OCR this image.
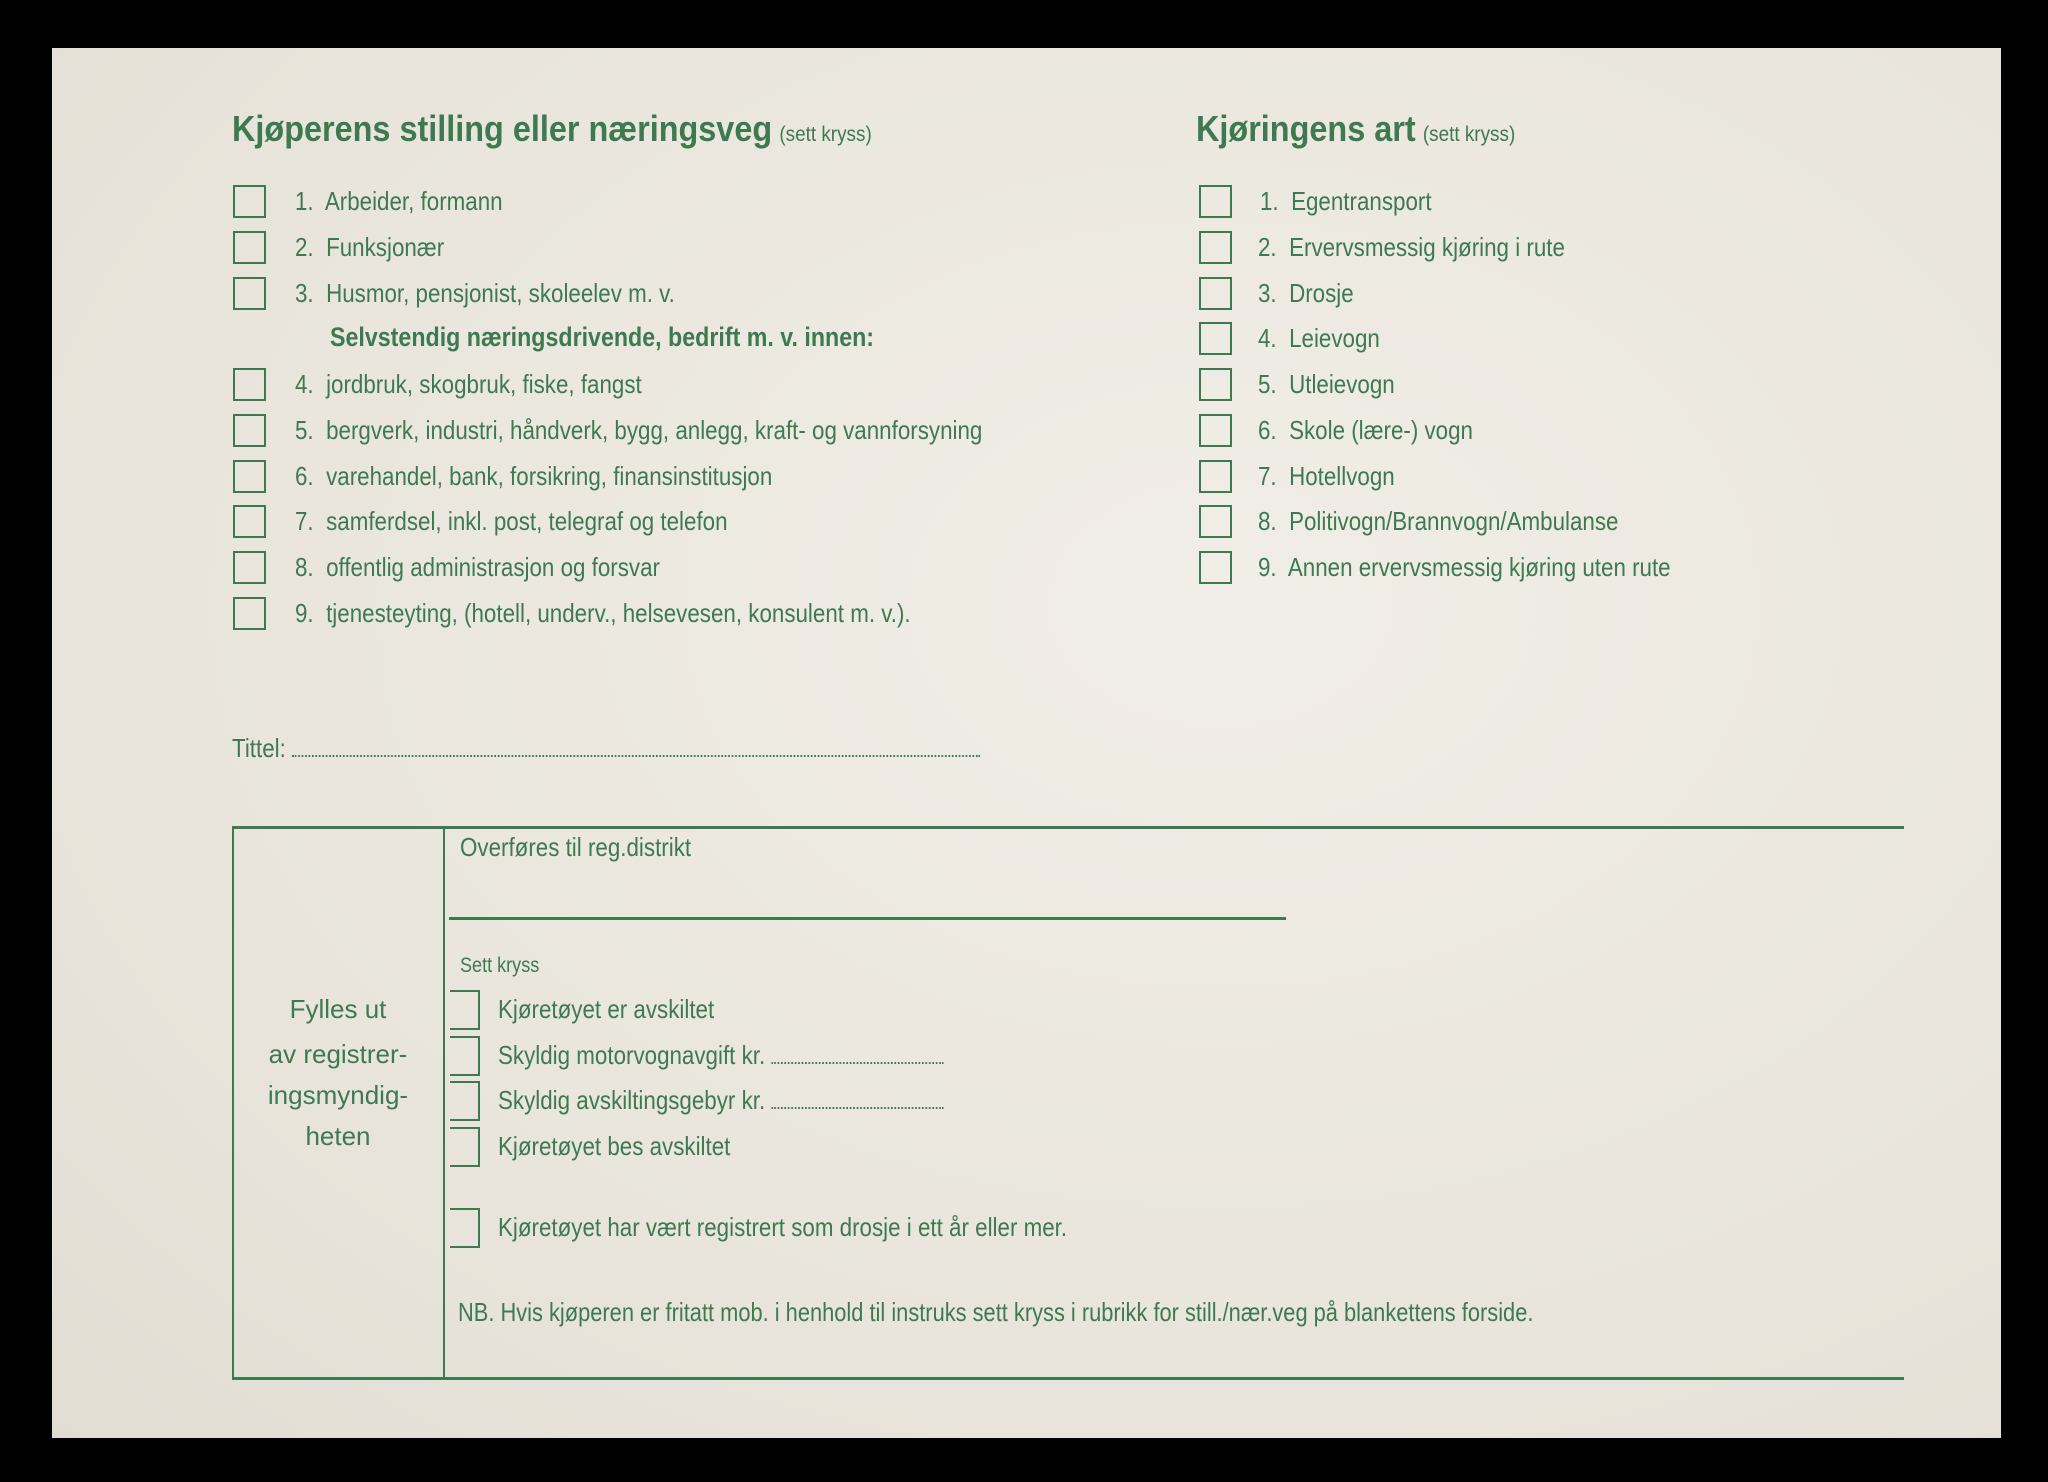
Kjøperens stilling eller næringsveg (sett kryss)
1. Arbeider, formann
2. Funksjonær
3. Husmor, pensjonist, skoleelev m. v.
Selvstendig næringsdrivende, bedrift m. v. innen:
4. jordbruk, skogbruk, fiske, fangst
5. bergverk, industri, håndverk, bygg, anlegg, kraft- og vannforsyning
6. varehandel, bank, forsikring, finansinstitusjon
7. samferdsel, inkl. post, telegraf og telefon
8. offentlig administrasjon og forsvar
9. tjenesteyting, (hotell, underv., helsevesen, konsulent m. v.).
Tittel:
Kjøringens art (sett kryss)
1. Egentransport
2. Ervervsmessig kjøring i rute
3. Drosje
4. Leievogn
5. Utleievogn
6. Skole (lære-) vogn
7. Hotellvogn
8. Politivogn/Brannvogn/Ambulanse
9. Annen ervervsmessig kjøring uten rute
Fylles ut
av registrer-
ingsmyndig-
heten
Overføres til reg.distrikt
Sett kryss
Kjøretøyet er avskiltet
Skyldig motorvognavgift kr.
Skyldig avskiltingsgebyr kr.
Kjøretøyet bes avskiltet
Kjøretøyet har vært registrert som drosje i ett år eller mer.
NB. Hvis kjøperen er fritatt mob. i henhold til instruks sett kryss i rubrikk for still./nær.veg på blankettens forside.
